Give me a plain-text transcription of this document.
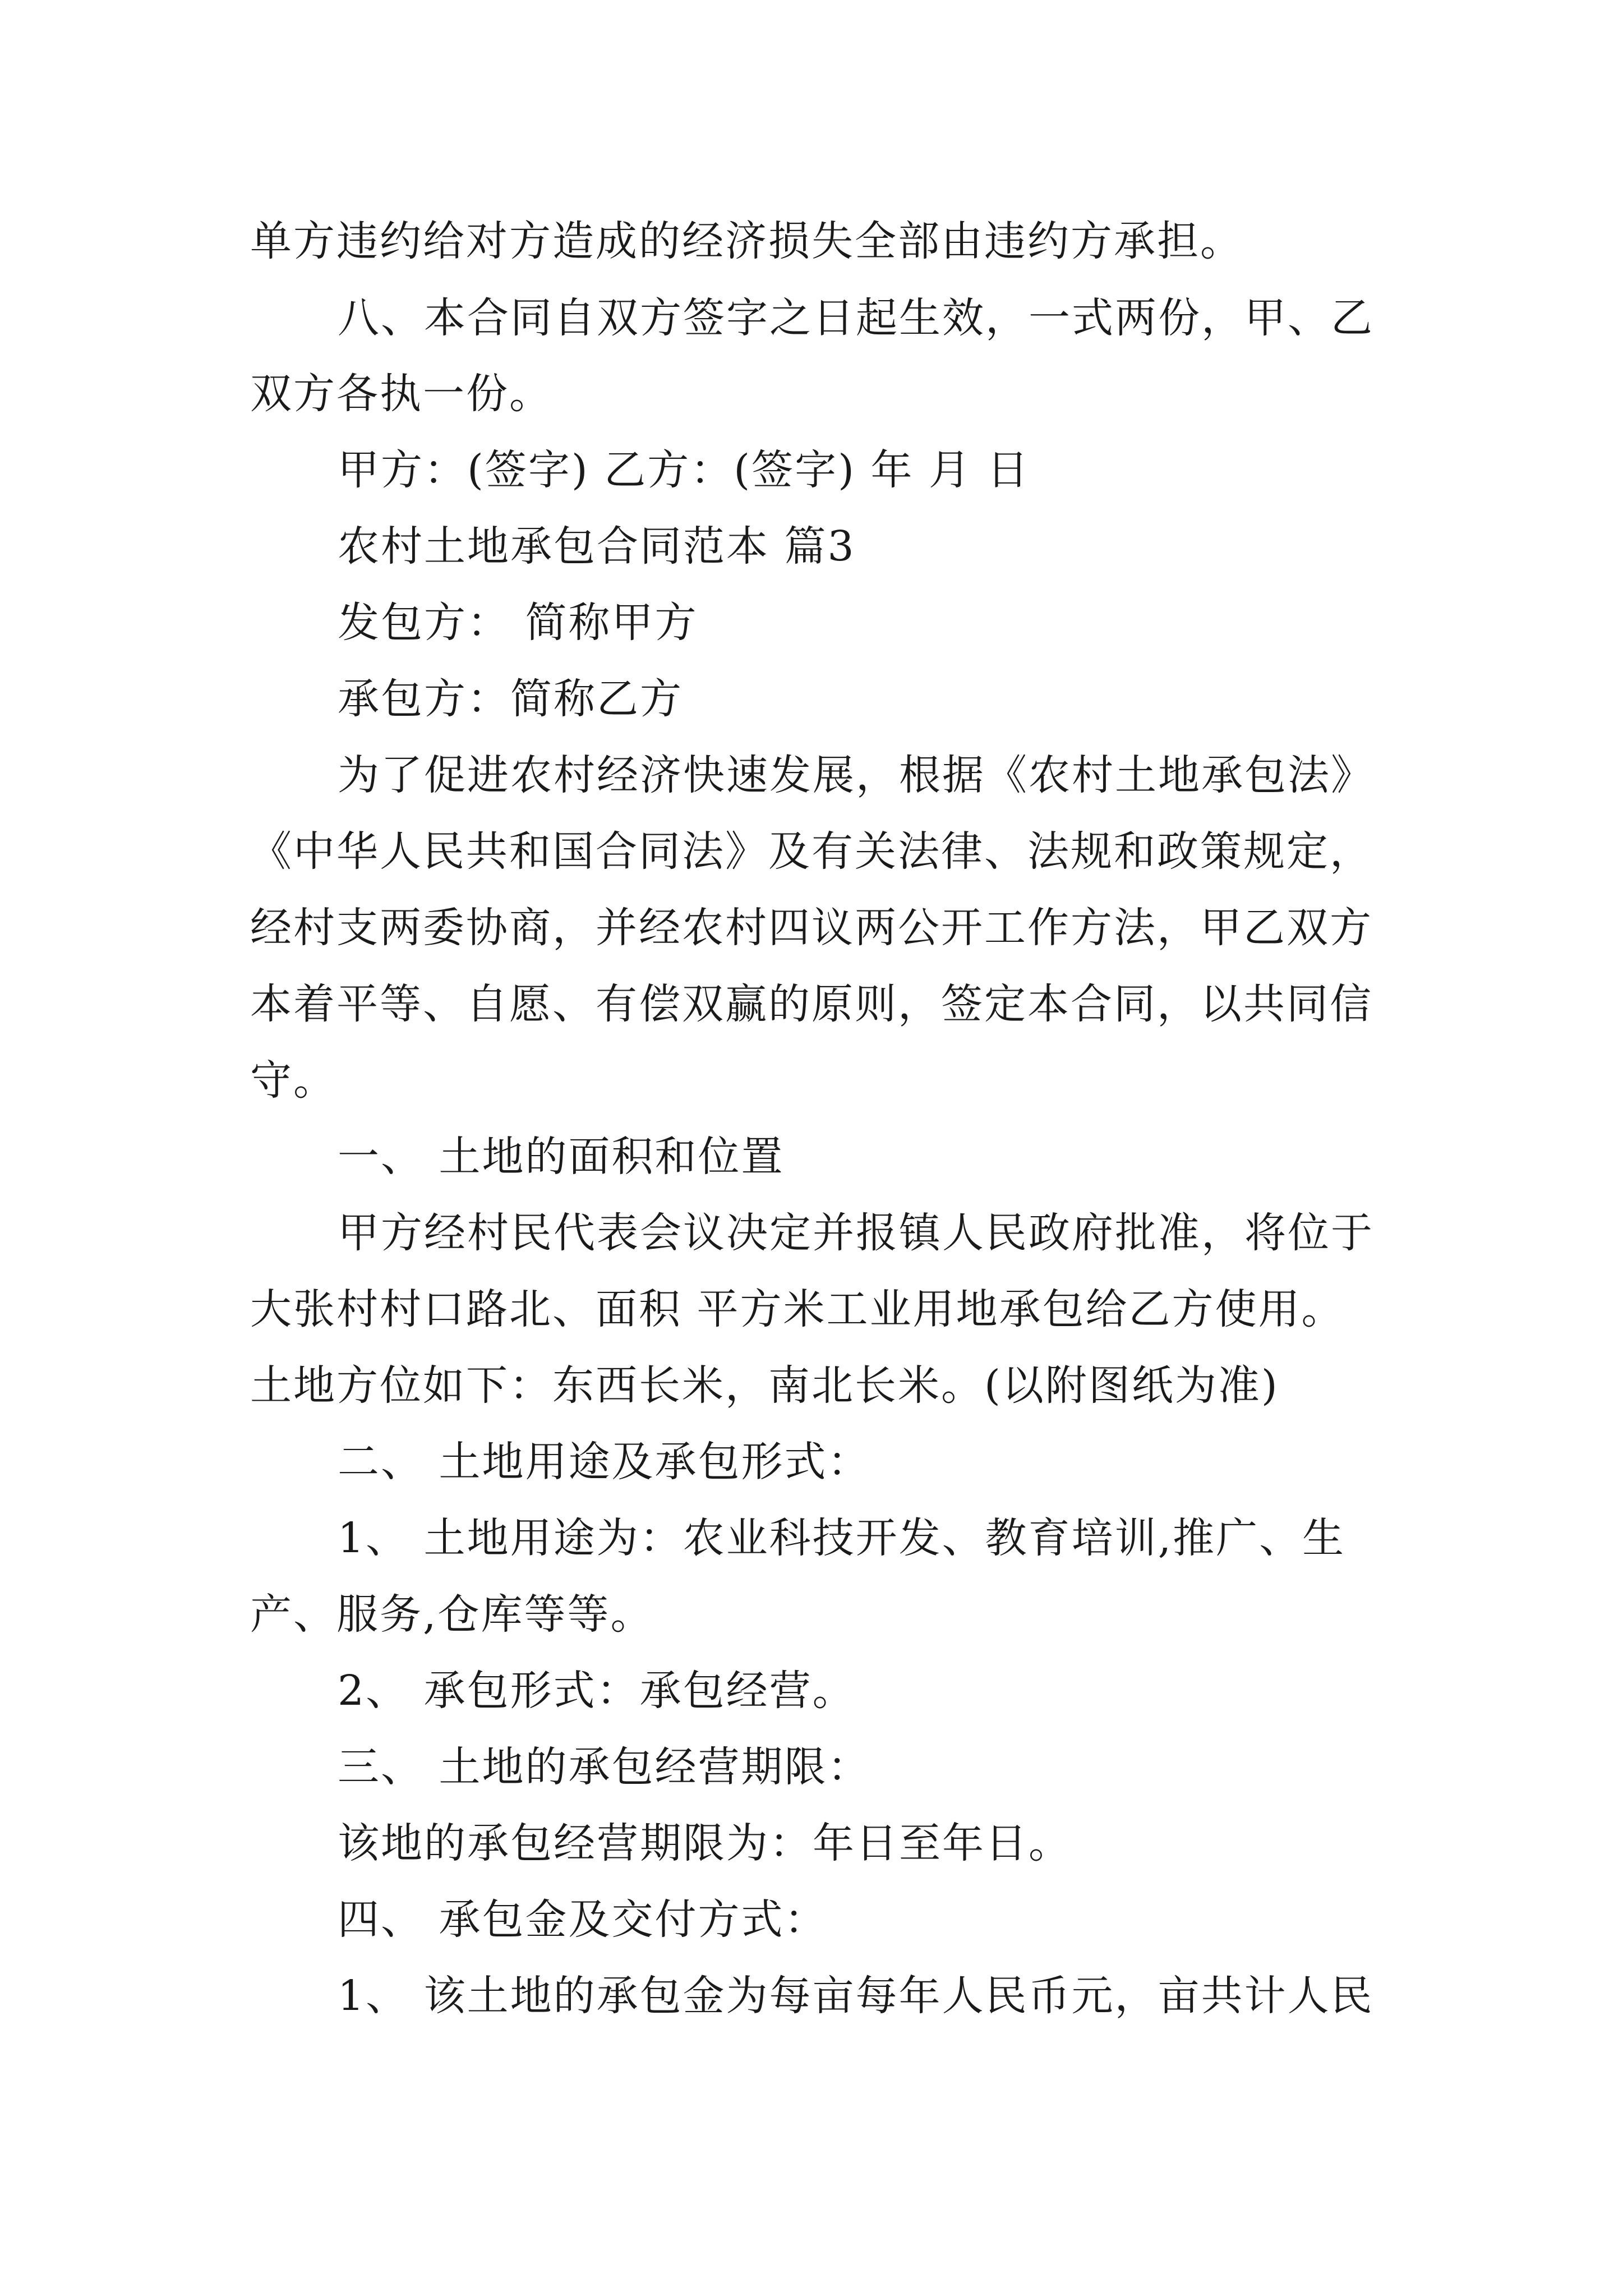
单方违约给对方造成的经济损失全部由违约方承担。

八、本合同自双方签字之日起生效，一式两份，甲、乙

双方各执一份。

甲方：(签字) 乙方：(签字) 年 月 日

农村土地承包合同范本 篇3

发包方： 简称甲方

承包方：简称乙方

为了促进农村经济快速发展，根据《农村土地承包法》

《中华人民共和国合同法》及有关法律、法规和政策规定，

经村支两委协商，并经农村四议两公开工作方法，甲乙双方

本着平等、自愿、有偿双赢的原则，签定本合同，以共同信

守。

一、 土地的面积和位置

甲方经村民代表会议决定并报镇人民政府批准，将位于

大张村村口路北、面积 平方米工业用地承包给乙方使用。

土地方位如下：东西长米，南北长米。(以附图纸为准)

二、 土地用途及承包形式：

1、 土地用途为：农业科技开发、教育培训,推广、生

产、服务,仓库等等。

2、 承包形式：承包经营。

三、 土地的承包经营期限：

该地的承包经营期限为：年日至年日。

四、 承包金及交付方式：

1、 该土地的承包金为每亩每年人民币元，亩共计人民
